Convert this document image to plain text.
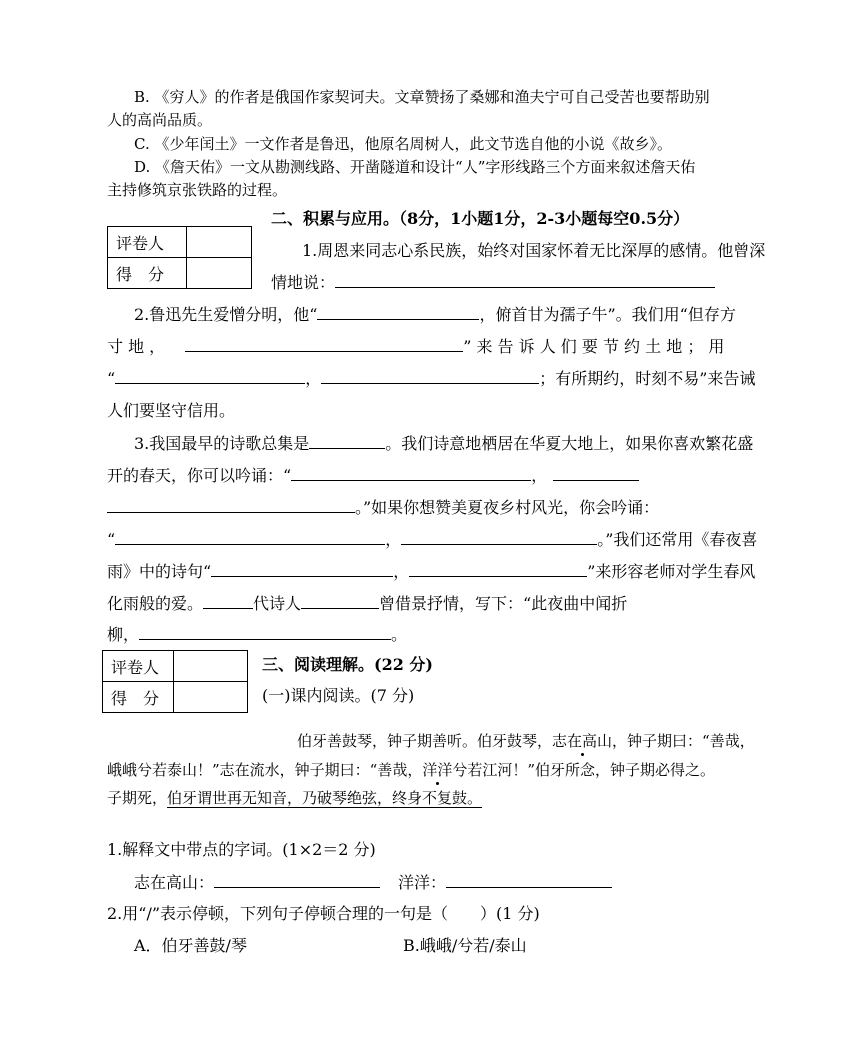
B. 《穷人》的作者是俄国作家契诃夫。文章赞扬了桑娜和渔夫宁可自己受苦也要帮助别
人的高尚品质。
C. 《少年闰土》一文作者是鲁迅，他原名周树人，此文节选自他的小说《故乡》。
D. 《詹天佑》一文从勘测线路、开凿隧道和设计“人”字形线路三个方面来叙述詹天佑
主持修筑京张铁路的过程。
评卷人	
得　分	
二、积累与应用。（8分，1小题1分，2-3小题每空0.5分）
1.周恩来同志心系民族，始终对国家怀着无比深厚的感情。他曾深
情地说：
2.鲁迅先生爱憎分明，他“	，俯首甘为孺子牛”。我们用“但存方
寸 地 ，	” 来 告 诉 人 们 要 节 约 土 地 ； 用
“	，	；有所期约，时刻不易”来告诫
人们要坚守信用。
3.我国最早的诗歌总集是	。我们诗意地栖居在华夏大地上，如果你喜欢繁花盛
开的春天，你可以吟诵：“	，
。”如果你想赞美夏夜乡村风光，你会吟诵：
“	，	。”我们还常用《春夜喜
雨》中的诗句“	，	”来形容老师对学生春风
化雨般的爱。	代诗人	曾借景抒情，写下：“此夜曲中闻折
柳，	。
评卷人	
得　分	
三、阅读理解。(22 分)
(一)课内阅读。(7 分)
伯牙善鼓琴，钟子期善听。伯牙鼓琴，志在高山，钟子期曰：“善哉，
峨峨兮若泰山！”志在流水，钟子期曰：“善哉，洋洋兮若江河！”伯牙所念，钟子期必得之。
子期死，伯牙谓世再无知音，乃破琴绝弦，终身不复鼓。
1.解释文中带点的字词。(1×2＝2 分)
志在高山：	洋洋：
2.用“/”表示停顿，下列句子停顿合理的一句是（　　）(1 分)
A．伯牙善鼓/琴	B.峨峨/兮若/泰山
